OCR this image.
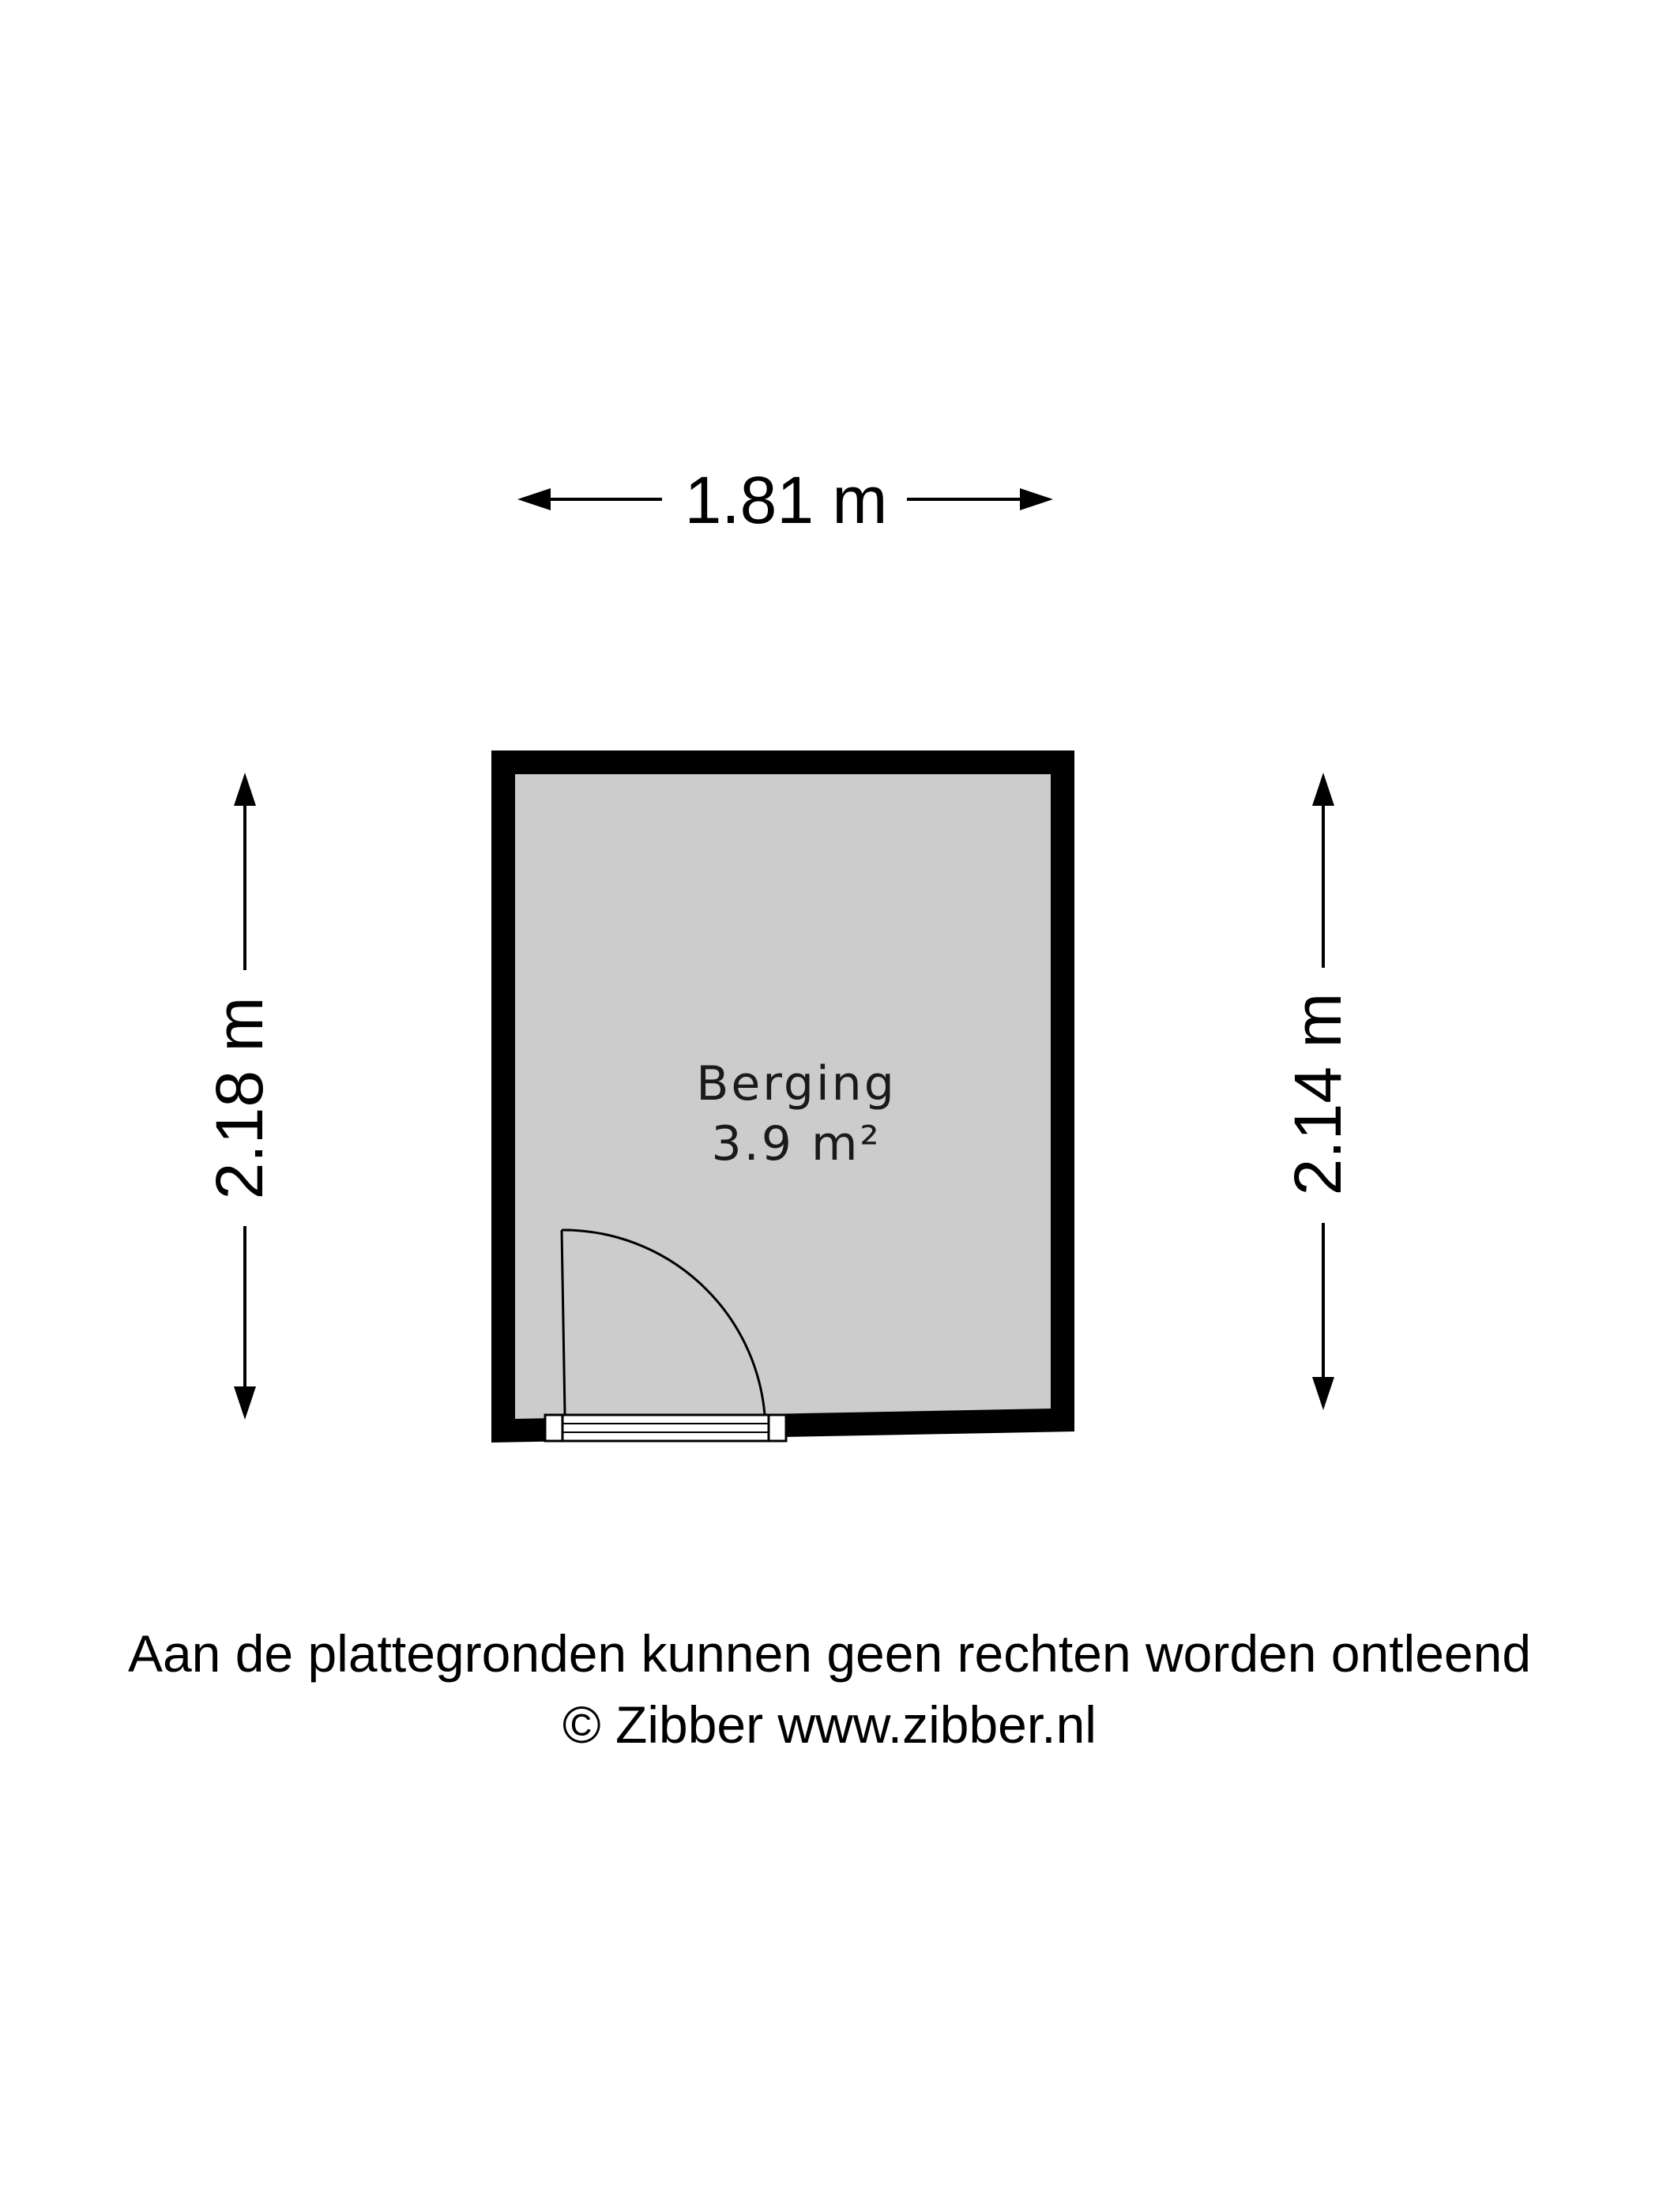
1.81 m
2.18 m	2.14 m
Berging
3.9 m²
Aan de plattegronden kunnen geen rechten worden ontleend
© Zibber www.zibber.nl
